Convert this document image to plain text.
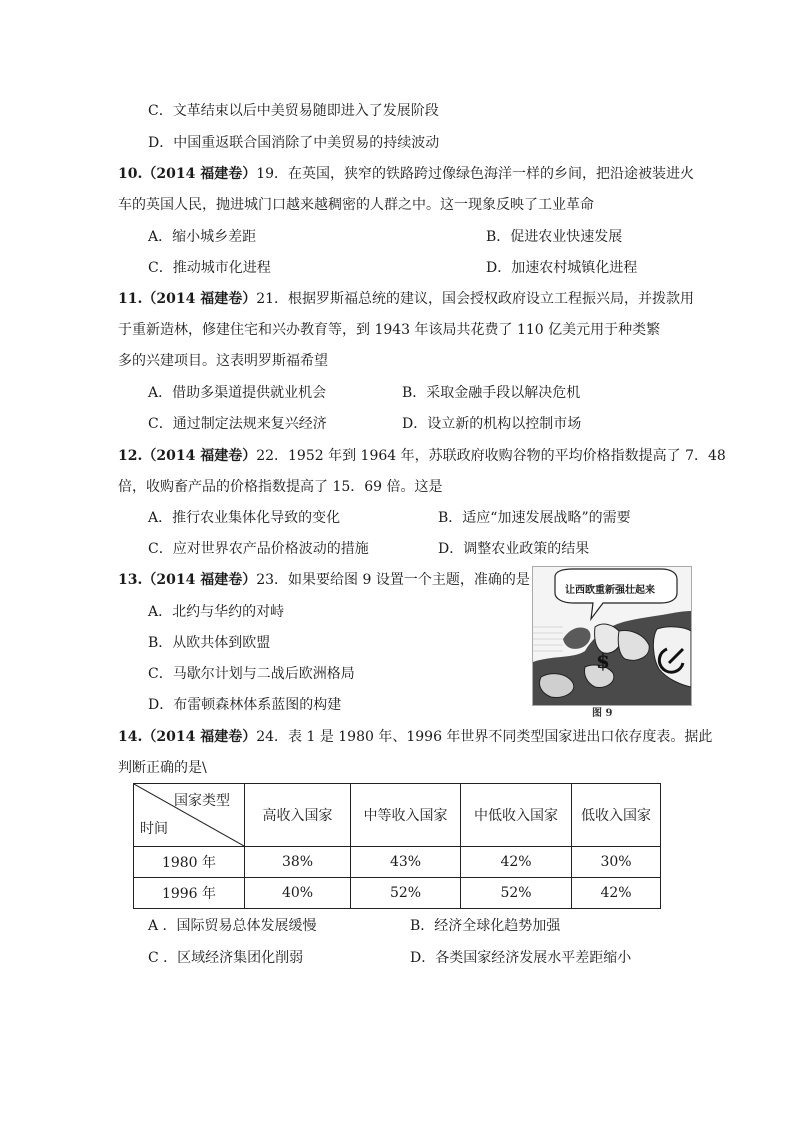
C．文革结束以后中美贸易随即进入了发展阶段
D．中国重返联合国消除了中美贸易的持续波动
10.（2014 福建卷）19．在英国，狭窄的铁路跨过像绿色海洋一样的乡间，把沿途被装进火
车的英国人民，抛进城门口越来越稠密的人群之中。这一现象反映了工业革命
A．缩小城乡差距	B．促进农业快速发展
C．推动城市化进程	D．加速农村城镇化进程
11.（2014 福建卷）21．根据罗斯福总统的建议，国会授权政府设立工程振兴局，并拨款用
于重新造林，修建住宅和兴办教育等，到 1943 年该局共花费了 110 亿美元用于种类繁
多的兴建项目。这表明罗斯福希望
A．借助多渠道提供就业机会	B．采取金融手段以解决危机
C．通过制定法规来复兴经济	D．设立新的机构以控制市场
12.（2014 福建卷）22．1952 年到 1964 年，苏联政府收购谷物的平均价格指数提高了 7．48
倍，收购畜产品的价格指数提高了 15．69 倍。这是
A．推行农业集体化导致的变化	B．适应“加速发展战略”的需要
C．应对世界农产品价格波动的措施	D．调整农业政策的结果
13.（2014 福建卷）23．如果要给图 9 设置一个主题，准确的是
A．北约与华约的对峙
B．从欧共体到欧盟
C．马歇尔计划与二战后欧洲格局
D．布雷顿森林体系蓝图的构建
让西欧重新强壮起来
$
图 9
14.（2014 福建卷）24．表 1 是 1980 年、1996 年世界不同类型国家进出口依存度表。据此
判断正确的是\
国家类型
时间	高收入国家	中等收入国家	中低收入国家	低收入国家
1980 年	38%	43%	42%	30%
1996 年	40%	52%	52%	42%
A ．国际贸易总体发展缓慢	B．经济全球化趋势加强
C ．区域经济集团化削弱	D．各类国家经济发展水平差距缩小
